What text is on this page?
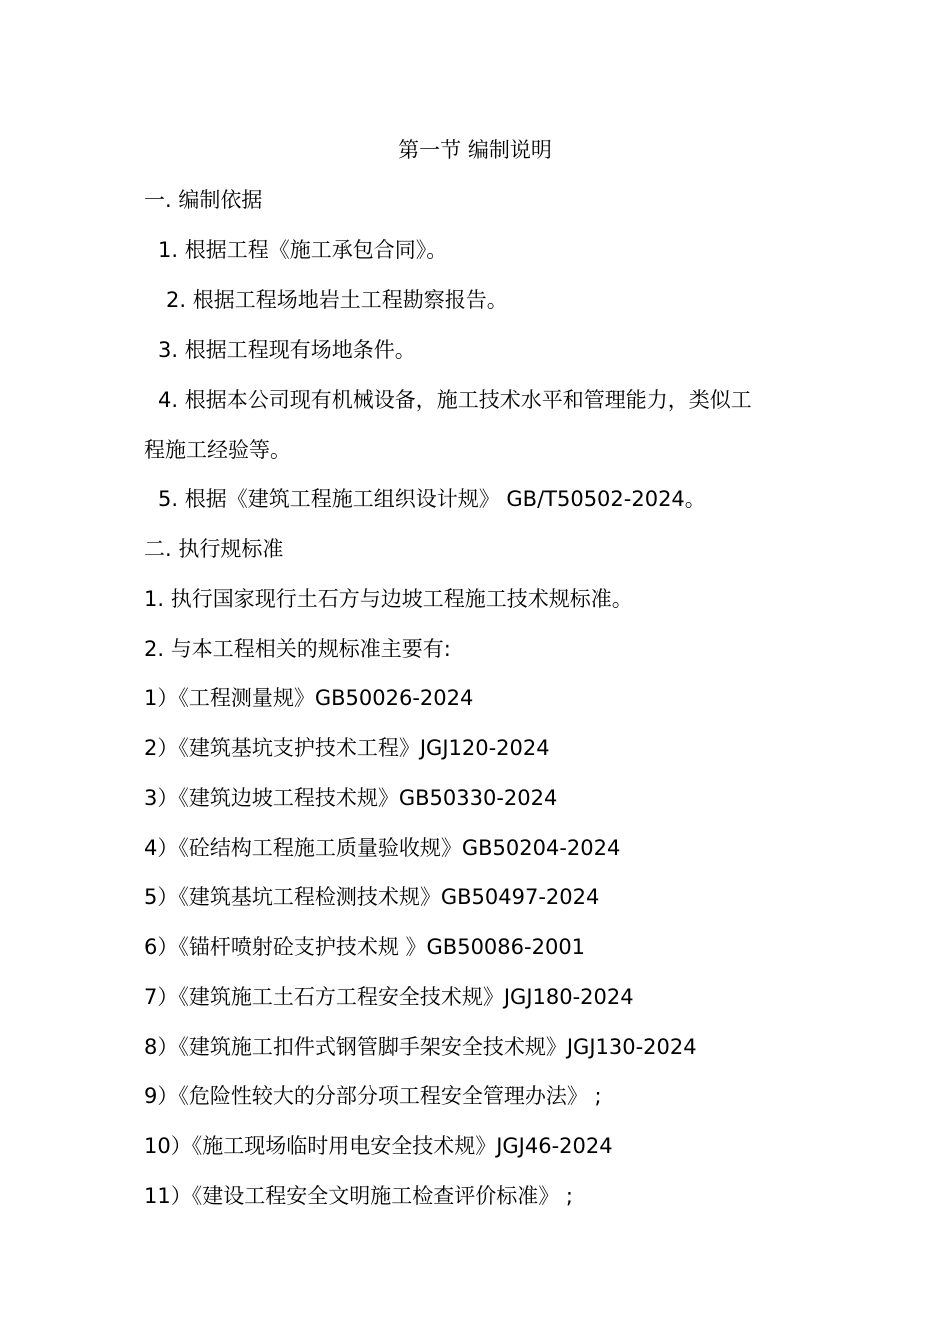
第一节 编制说明
一. 编制依据
1. 根据工程《施工承包合同》。
2. 根据工程场地岩土工程勘察报告。
3. 根据工程现有场地条件。
4. 根据本公司现有机械设备，施工技术水平和管理能力，类似工
程施工经验等。
5. 根据《建筑工程施工组织设计规》 GB/T50502-2024。
二. 执行规标准
1. 执行国家现行土石方与边坡工程施工技术规标准。
2. 与本工程相关的规标准主要有:
1）《工程测量规》GB50026-2024
2）《建筑基坑支护技术工程》JGJ120-2024
3）《建筑边坡工程技术规》GB50330-2024
4）《砼结构工程施工质量验收规》GB50204-2024
5）《建筑基坑工程检测技术规》GB50497-2024
6）《锚杆喷射砼支护技术规 》GB50086-2001
7）《建筑施工土石方工程安全技术规》JGJ180-2024
8）《建筑施工扣件式钢管脚手架安全技术规》JGJ130-2024
9）《危险性较大的分部分项工程安全管理办法》 ;
10）《施工现场临时用电安全技术规》JGJ46-2024
11）《建设工程安全文明施工检查评价标准》 ;
